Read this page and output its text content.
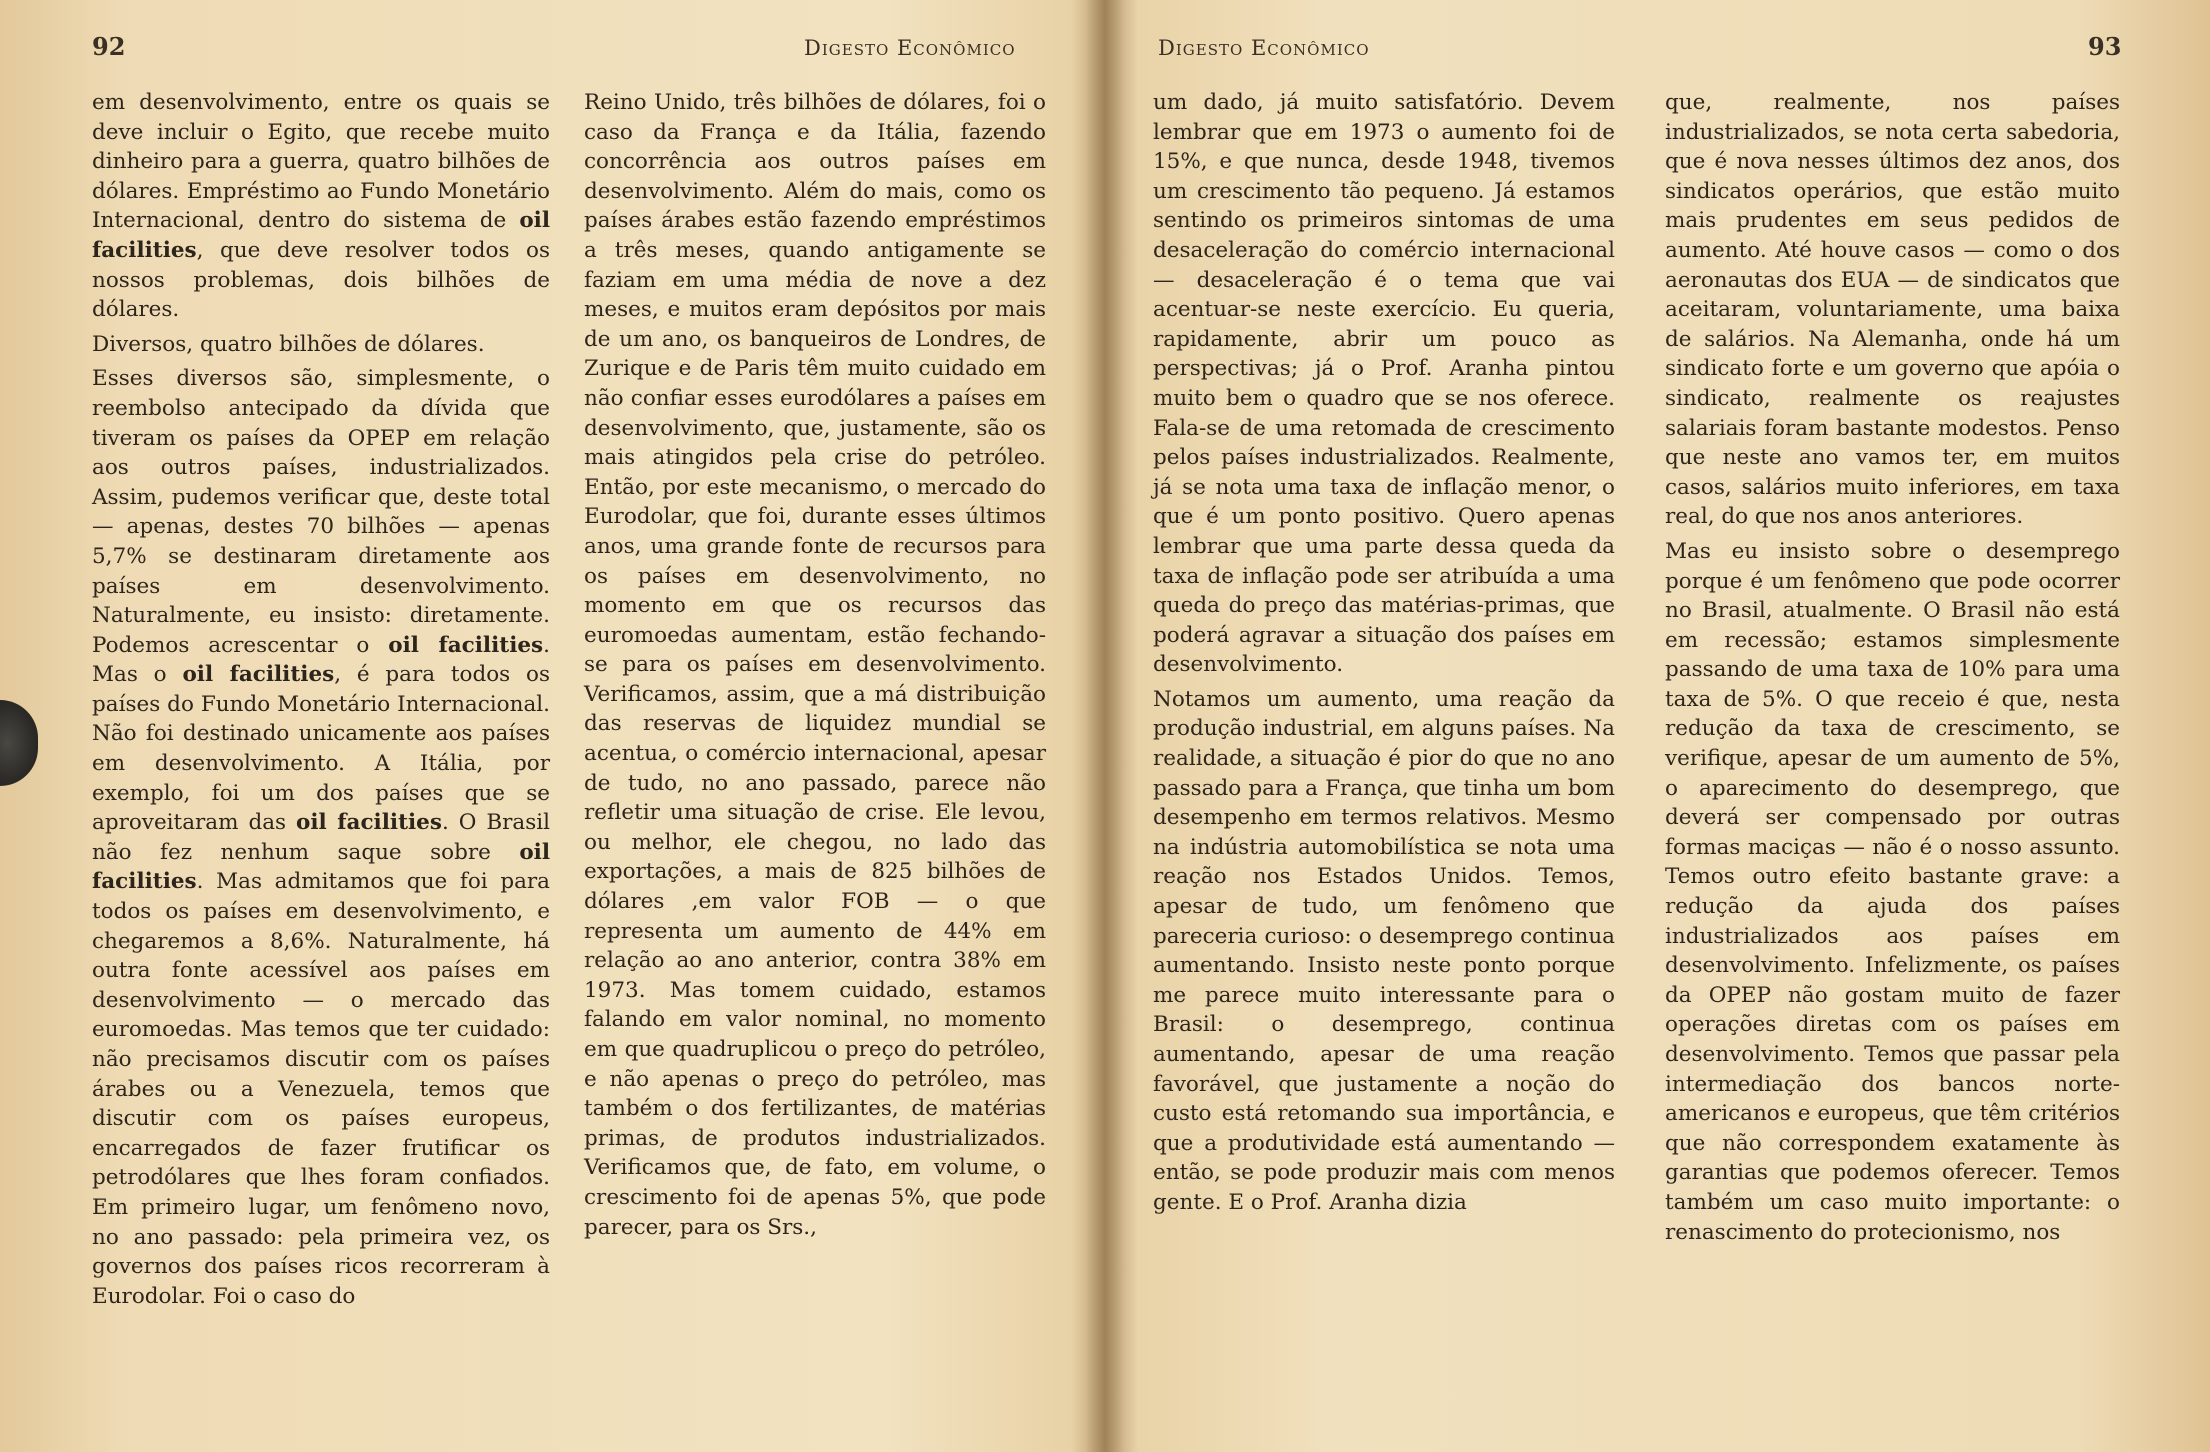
92	Digesto Econômico

em desenvolvimento, entre os quais se deve incluir o Egito, que recebe muito dinheiro para a guerra, quatro bilhões de dólares. Empréstimo ao Fundo Monetário Internacional, dentro do sistema de oil facilities, que deve resolver todos os nossos problemas, dois bilhões de dólares.

Diversos, quatro bilhões de dólares.

Esses diversos são, simplesmente, o reembolso antecipado da dívida que tiveram os países da OPEP em relação aos outros países, industrializados. Assim, pudemos verificar que, deste total — apenas, destes 70 bilhões — apenas 5,7% se destinaram diretamente aos países em desenvolvimento. Naturalmente, eu insisto: diretamente. Podemos acrescentar o oil facilities. Mas o oil facilities, é para todos os países do Fundo Monetário Internacional. Não foi destinado unicamente aos países em desenvolvimento. A Itália, por exemplo, foi um dos países que se aproveitaram das oil facilities. O Brasil não fez nenhum saque sobre oil facilities. Mas admitamos que foi para todos os países em desenvolvimento, e chegaremos a 8,6%. Naturalmente, há outra fonte acessível aos países em desenvolvimento — o mercado das euromoedas. Mas temos que ter cuidado: não precisamos discutir com os países árabes ou a Venezuela, temos que discutir com os países europeus, encarregados de fazer frutificar os petrodólares que lhes foram confiados. Em primeiro lugar, um fenômeno novo, no ano passado: pela primeira vez, os governos dos países ricos recorreram à Eurodolar. Foi o caso do

Reino Unido, três bilhões de dólares, foi o caso da França e da Itália, fazendo concorrência aos outros países em desenvolvimento. Além do mais, como os países árabes estão fazendo empréstimos a três meses, quando antigamente se faziam em uma média de nove a dez meses, e muitos eram depósitos por mais de um ano, os banqueiros de Londres, de Zurique e de Paris têm muito cuidado em não confiar esses eurodólares a países em desenvolvimento, que, justamente, são os mais atingidos pela crise do petróleo. Então, por este mecanismo, o mercado do Eurodolar, que foi, durante esses últimos anos, uma grande fonte de recursos para os países em desenvolvimento, no momento em que os recursos das euromoedas aumentam, estão fechando-se para os países em desenvolvimento. Verificamos, assim, que a má distribuição das reservas de liquidez mundial se acentua, o comércio internacional, apesar de tudo, no ano passado, parece não refletir uma situação de crise. Ele levou, ou melhor, ele chegou, no lado das exportações, a mais de 825 bilhões de dólares ,em valor FOB — o que representa um aumento de 44% em relação ao ano anterior, contra 38% em 1973. Mas tomem cuidado, estamos falando em valor nominal, no momento em que quadruplicou o preço do petróleo, e não apenas o preço do petróleo, mas também o dos fertilizantes, de matérias primas, de produtos industrializados. Verificamos que, de fato, em volume, o crescimento foi de apenas 5%, que pode parecer, para os Srs.,

Digesto Econômico	93

um dado, já muito satisfatório. Devem lembrar que em 1973 o aumento foi de 15%, e que nunca, desde 1948, tivemos um crescimento tão pequeno. Já estamos sentindo os primeiros sintomas de uma desaceleração do comércio internacional — desaceleração é o tema que vai acentuar-se neste exercício. Eu queria, rapidamente, abrir um pouco as perspectivas; já o Prof. Aranha pintou muito bem o quadro que se nos oferece. Fala-se de uma retomada de crescimento pelos países industrializados. Realmente, já se nota uma taxa de inflação menor, o que é um ponto positivo. Quero apenas lembrar que uma parte dessa queda da taxa de inflação pode ser atribuída a uma queda do preço das matérias-primas, que poderá agravar a situação dos países em desenvolvimento.

Notamos um aumento, uma reação da produção industrial, em alguns países. Na realidade, a situação é pior do que no ano passado para a França, que tinha um bom desempenho em termos relativos. Mesmo na indústria automobilística se nota uma reação nos Estados Unidos. Temos, apesar de tudo, um fenômeno que pareceria curioso: o desemprego continua aumentando. Insisto neste ponto porque me parece muito interessante para o Brasil: o desemprego, continua aumentando, apesar de uma reação favorável, que justamente a noção do custo está retomando sua importância, e que a produtividade está aumentando — então, se pode produzir mais com menos gente. E o Prof. Aranha dizia

que, realmente, nos países industrializados, se nota certa sabedoria, que é nova nesses últimos dez anos, dos sindicatos operários, que estão muito mais prudentes em seus pedidos de aumento. Até houve casos — como o dos aeronautas dos EUA — de sindicatos que aceitaram, voluntariamente, uma baixa de salários. Na Alemanha, onde há um sindicato forte e um governo que apóia o sindicato, realmente os reajustes salariais foram bastante modestos. Penso que neste ano vamos ter, em muitos casos, salários muito inferiores, em taxa real, do que nos anos anteriores.

Mas eu insisto sobre o desemprego porque é um fenômeno que pode ocorrer no Brasil, atualmente. O Brasil não está em recessão; estamos simplesmente passando de uma taxa de 10% para uma taxa de 5%. O que receio é que, nesta redução da taxa de crescimento, se verifique, apesar de um aumento de 5%, o aparecimento do desemprego, que deverá ser compensado por outras formas maciças — não é o nosso assunto. Temos outro efeito bastante grave: a redução da ajuda dos países industrializados aos países em desenvolvimento. Infelizmente, os países da OPEP não gostam muito de fazer operações diretas com os países em desenvolvimento. Temos que passar pela intermediação dos bancos norte-americanos e europeus, que têm critérios que não correspondem exatamente às garantias que podemos oferecer. Temos também um caso muito importante: o renascimento do protecionismo, nos
